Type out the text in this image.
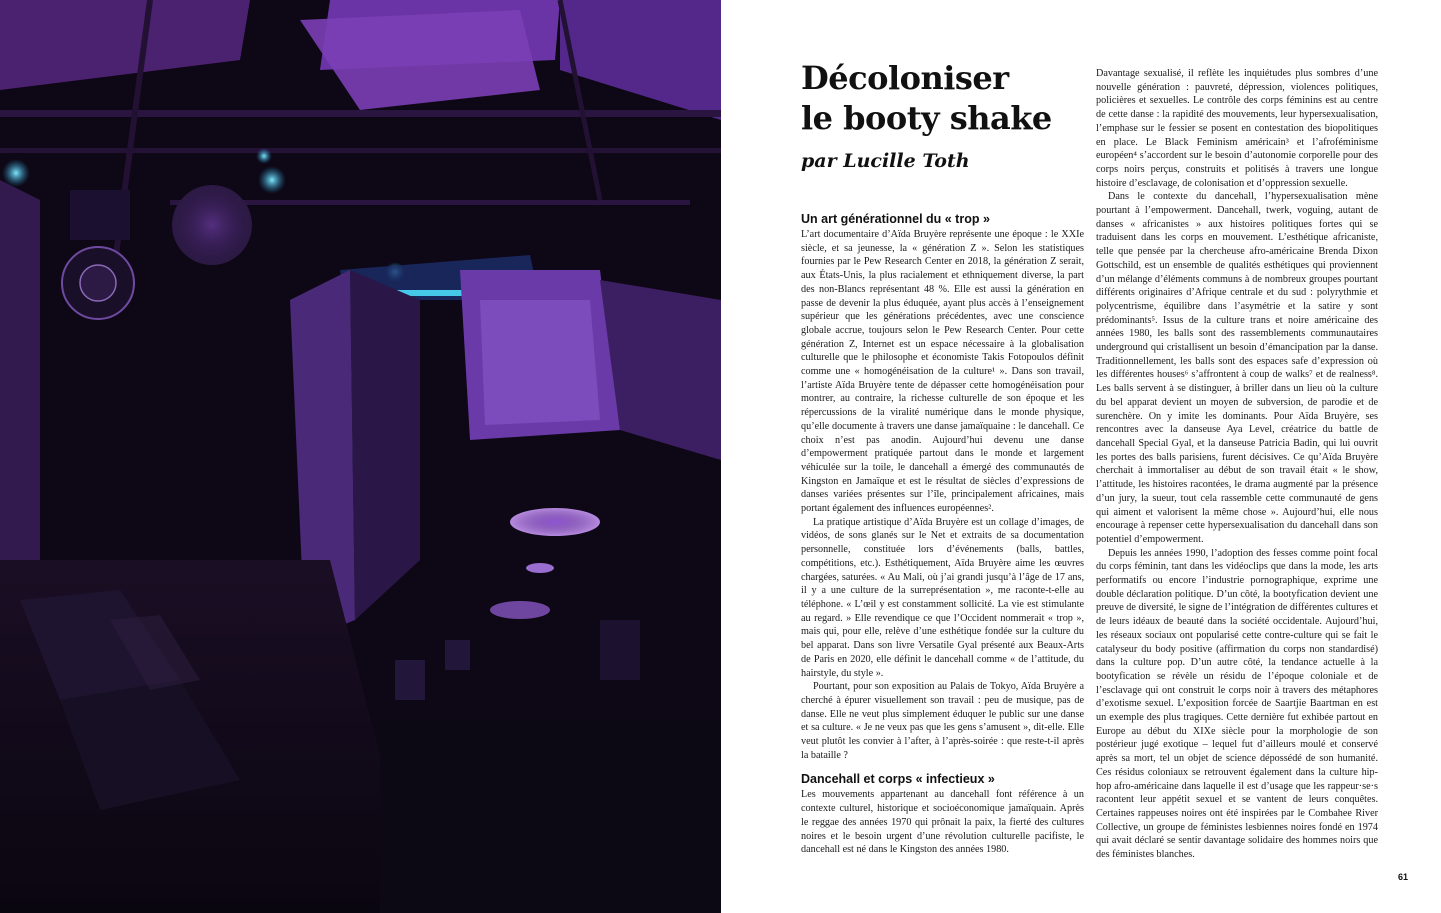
Décoloniser
le booty shake
par Lucille Toth
Un art générationnel du « trop »

L’art documentaire d’Aïda Bruyère représente une époque : le XXIe siècle, et sa jeunesse, la « génération Z ». Selon les statistiques fournies par le Pew Research Center en 2018, la génération Z serait, aux États-Unis, la plus racialement et ethniquement diverse, la part des non-Blancs représentant 48 %. Elle est aussi la génération en passe de devenir la plus éduquée, ayant plus accès à l’enseignement supérieur que les générations précédentes, avec une conscience globale accrue, toujours selon le Pew Research Center. Pour cette génération Z, Internet est un espace nécessaire à la globalisation culturelle que le philosophe et économiste Takis Fotopoulos définit comme une « homogénéisation de la culture¹ ». Dans son travail, l’artiste Aïda Bruyère tente de dépasser cette homogénéisation pour montrer, au contraire, la richesse culturelle de son époque et les répercussions de la viralité numérique dans le monde physique, qu’elle documente à travers une danse jamaïquaine : le dancehall. Ce choix n’est pas anodin. Aujourd’hui devenu une danse d’empowerment pratiquée partout dans le monde et largement véhiculée sur la toile, le dancehall a émergé des communautés de Kingston en Jamaïque et est le résultat de siècles d’expressions de danses variées présentes sur l’île, principalement africaines, mais portant également des influences européennes².

La pratique artistique d’Aïda Bruyère est un collage d’images, de vidéos, de sons glanés sur le Net et extraits de sa documentation personnelle, constituée lors d’événements (balls, battles, compétitions, etc.). Esthétiquement, Aïda Bruyère aime les œuvres chargées, saturées. « Au Mali, où j’ai grandi jusqu’à l’âge de 17 ans, il y a une culture de la surreprésentation », me raconte-t-elle au téléphone. « L’œil y est constamment sollicité. La vie est stimulante au regard. » Elle revendique ce que l’Occident nommerait « trop », mais qui, pour elle, relève d’une esthétique fondée sur la culture du bel apparat. Dans son livre Versatile Gyal présenté aux Beaux-Arts de Paris en 2020, elle définit le dancehall comme « de l’attitude, du hairstyle, du style ».

Pourtant, pour son exposition au Palais de Tokyo, Aïda Bruyère a cherché à épurer visuellement son travail : peu de musique, pas de danse. Elle ne veut plus simplement éduquer le public sur une danse et sa culture. « Je ne veux pas que les gens s’amusent », dit-elle. Elle veut plutôt les convier à l’after, à l’après-soirée : que reste-t-il après la bataille ?

Dancehall et corps « infectieux »

Les mouvements appartenant au dancehall font référence à un contexte culturel, historique et socioéconomique jamaïquain. Après le reggae des années 1970 qui prônait la paix, la fierté des cultures noires et le besoin urgent d’une révolution culturelle pacifiste, le dancehall est né dans le Kingston des années 1980.

Davantage sexualisé, il reflète les inquiétudes plus sombres d’une nouvelle génération : pauvreté, dépression, violences politiques, policières et sexuelles. Le contrôle des corps féminins est au centre de cette danse : la rapidité des mouvements, leur hypersexualisation, l’emphase sur le fessier se posent en contestation des biopolitiques en place. Le Black Feminism américain³ et l’afroféminisme européen⁴ s’accordent sur le besoin d’autonomie corporelle pour des corps noirs perçus, construits et politisés à travers une longue histoire d’esclavage, de colonisation et d’oppression sexuelle.

Dans le contexte du dancehall, l’hypersexualisation mène pourtant à l’empowerment. Dancehall, twerk, voguing, autant de danses « africanistes » aux histoires politiques fortes qui se traduisent dans les corps en mouvement. L’esthétique africaniste, telle que pensée par la chercheuse afro-américaine Brenda Dixon Gottschild, est un ensemble de qualités esthétiques qui proviennent d’un mélange d’éléments communs à de nombreux groupes pourtant différents originaires d’Afrique centrale et du sud : polyrythmie et polycentrisme, équilibre dans l’asymétrie et la satire y sont prédominants⁵. Issus de la culture trans et noire américaine des années 1980, les balls sont des rassemblements communautaires underground qui cristallisent un besoin d’émancipation par la danse. Traditionnellement, les balls sont des espaces safe d’expression où les différentes houses⁶ s’affrontent à coup de walks⁷ et de realness⁸. Les balls servent à se distinguer, à briller dans un lieu où la culture du bel apparat devient un moyen de subversion, de parodie et de surenchère. On y imite les dominants. Pour Aïda Bruyère, ses rencontres avec la danseuse Aya Level, créatrice du battle de dancehall Special Gyal, et la danseuse Patricia Badin, qui lui ouvrit les portes des balls parisiens, furent décisives. Ce qu’Aïda Bruyère cherchait à immortaliser au début de son travail était « le show, l’attitude, les histoires racontées, le drama augmenté par la présence d’un jury, la sueur, tout cela rassemble cette communauté de gens qui aiment et valorisent la même chose ». Aujourd’hui, elle nous encourage à repenser cette hypersexualisation du dancehall dans son potentiel d’empowerment.

Depuis les années 1990, l’adoption des fesses comme point focal du corps féminin, tant dans les vidéoclips que dans la mode, les arts performatifs ou encore l’industrie pornographique, exprime une double déclaration politique. D’un côté, la bootyfication devient une preuve de diversité, le signe de l’intégration de différentes cultures et de leurs idéaux de beauté dans la société occidentale. Aujourd’hui, les réseaux sociaux ont popularisé cette contre-culture qui se fait le catalyseur du body positive (affirmation du corps non standardisé) dans la culture pop. D’un autre côté, la tendance actuelle à la bootyfication se révèle un résidu de l’époque coloniale et de l’esclavage qui ont construit le corps noir à travers des métaphores d’exotisme sexuel. L’exposition forcée de Saartjie Baartman en est un exemple des plus tragiques. Cette dernière fut exhibée partout en Europe au début du XIXe siècle pour la morphologie de son postérieur jugé exotique – lequel fut d’ailleurs moulé et conservé après sa mort, tel un objet de science dépossédé de son humanité. Ces résidus coloniaux se retrouvent également dans la culture hip-hop afro-américaine dans laquelle il est d’usage que les rappeur·se·s racontent leur appétit sexuel et se vantent de leurs conquêtes. Certaines rappeuses noires ont été inspirées par le Combahee River Collective, un groupe de féministes lesbiennes noires fondé en 1974 qui avait déclaré se sentir davantage solidaire des hommes noirs que des féministes blanches.

61
